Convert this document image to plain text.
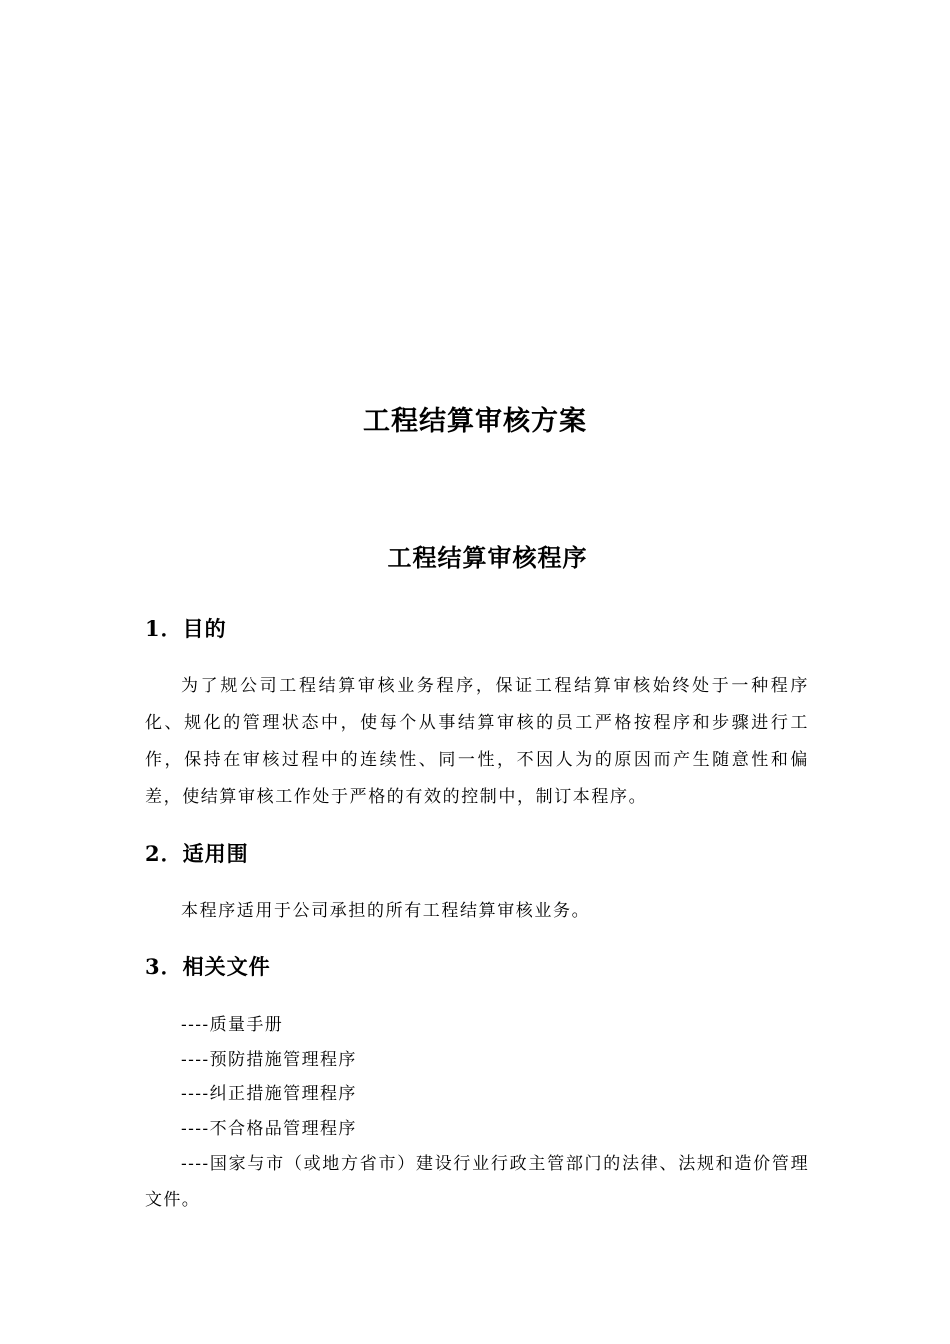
工程结算审核方案
工程结算审核程序
1．目的

为了规公司工程结算审核业务程序，保证工程结算审核始终处于一种程序化、规化的管理状态中，使每个从事结算审核的员工严格按程序和步骤进行工作，保持在审核过程中的连续性、同一性，不因人为的原因而产生随意性和偏差，使结算审核工作处于严格的有效的控制中，制订本程序。

2．适用围

本程序适用于公司承担的所有工程结算审核业务。

3．相关文件
----质量手册
----预防措施管理程序
----纠正措施管理程序
----不合格品管理程序
----国家与市（或地方省市）建设行业行政主管部门的法律、法规和造价管理文件。
